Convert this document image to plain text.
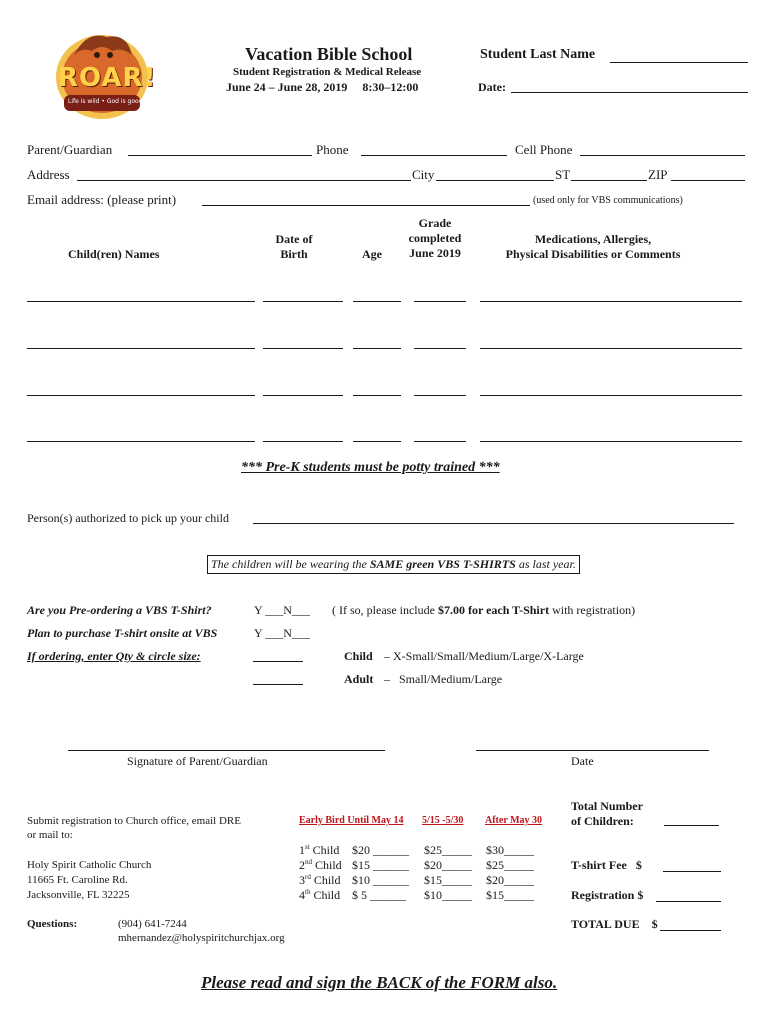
ROAR!
Life is wild • God is good
Vacation Bible School
Student Registration & Medical Release
June 24 – June 28, 2019     8:30–12:00
Student Last Name
Date:
Parent/Guardian	Phone	Cell Phone
Address	City	ST	ZIP
Email address: (please print)	(used only for VBS communications)
Child(ren) Names
Date of
Birth	Age
Grade
completed
June 2019
Medications, Allergies,
Physical Disabilities or Comments
*** Pre-K students must be potty trained ***
Person(s) authorized to pick up your child
The children will be wearing the SAME green VBS T-SHIRTS as last year.
Are you Pre-ordering a VBS T-Shirt?	Y ___N___ ( If so, please include $7.00 for each T-Shirt with registration)
Plan to purchase T-shirt onsite at VBS	Y ___N___
If ordering, enter Qty & circle size:	Child – X-Small/Small/Medium/Large/X-Large
Adult –   Small/Medium/Large
Signature of Parent/Guardian	Date
Submit registration to Church office, email DRE
or mail to:
Holy Spirit Catholic Church
11665 Ft. Caroline Rd.
Jacksonville, FL 32225
Questions:	(904) 641-7244
mhernandez@holyspiritchurchjax.org
Early Bird Until May 14 5/15 -5/30 After May 30
1st Child $20 ______ $25_____ $30_____
2nd Child $15 ______ $20_____ $25_____
3rd Child $10 ______ $15_____ $20_____
4th Child $ 5 ______ $10_____ $15_____
Total Number
of Children:
T-shirt Fee   $
Registration $
TOTAL DUE    $
Please read and sign the BACK of the FORM also.
